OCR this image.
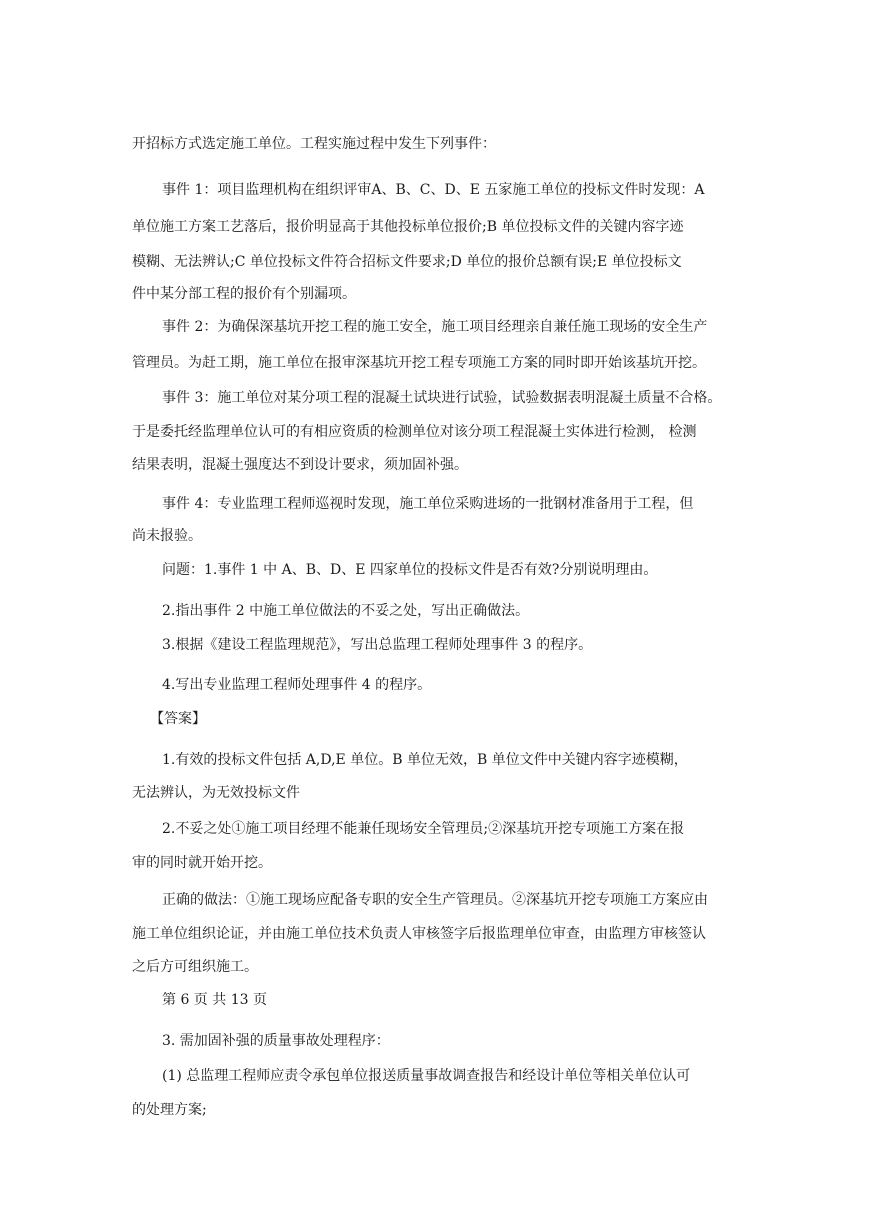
开招标方式选定施工单位。工程实施过程中发生下列事件：

事件 1：项目监理机构在组织评审A、B、C、D、E 五家施工单位的投标文件时发现：A

单位施工方案工艺落后，报价明显高于其他投标单位报价;B 单位投标文件的关键内容字迹

模糊、无法辨认;C 单位投标文件符合招标文件要求;D 单位的报价总额有误;E 单位投标文

件中某分部工程的报价有个别漏项。

事件 2：为确保深基坑开挖工程的施工安全，施工项目经理亲自兼任施工现场的安全生产

管理员。为赶工期，施工单位在报审深基坑开挖工程专项施工方案的同时即开始该基坑开挖。

事件 3：施工单位对某分项工程的混凝土试块进行试验，试验数据表明混凝土质量不合格。

于是委托经监理单位认可的有相应资质的检测单位对该分项工程混凝土实体进行检测， 检测

结果表明，混凝土强度达不到设计要求，须加固补强。

事件 4：专业监理工程师巡视时发现，施工单位采购进场的一批钢材准备用于工程，但

尚未报验。

问题：1.事件 1 中 A、B、D、E 四家单位的投标文件是否有效?分别说明理由。

2.指出事件 2 中施工单位做法的不妥之处，写出正确做法。

3.根据《建设工程监理规范》，写出总监理工程师处理事件 3 的程序。

4.写出专业监理工程师处理事件 4 的程序。

【答案】

1.有效的投标文件包括 A,D,E 单位。B 单位无效，B 单位文件中关键内容字迹模糊，

无法辨认，为无效投标文件

2.不妥之处①施工项目经理不能兼任现场安全管理员;②深基坑开挖专项施工方案在报

审的同时就开始开挖。

正确的做法：①施工现场应配备专职的安全生产管理员。②深基坑开挖专项施工方案应由

施工单位组织论证，并由施工单位技术负责人审核签字后报监理单位审查，由监理方审核签认

之后方可组织施工。

第 6 页 共 13 页

3. 需加固补强的质量事故处理程序：

(1) 总监理工程师应责令承包单位报送质量事故调查报告和经设计单位等相关单位认可

的处理方案;
